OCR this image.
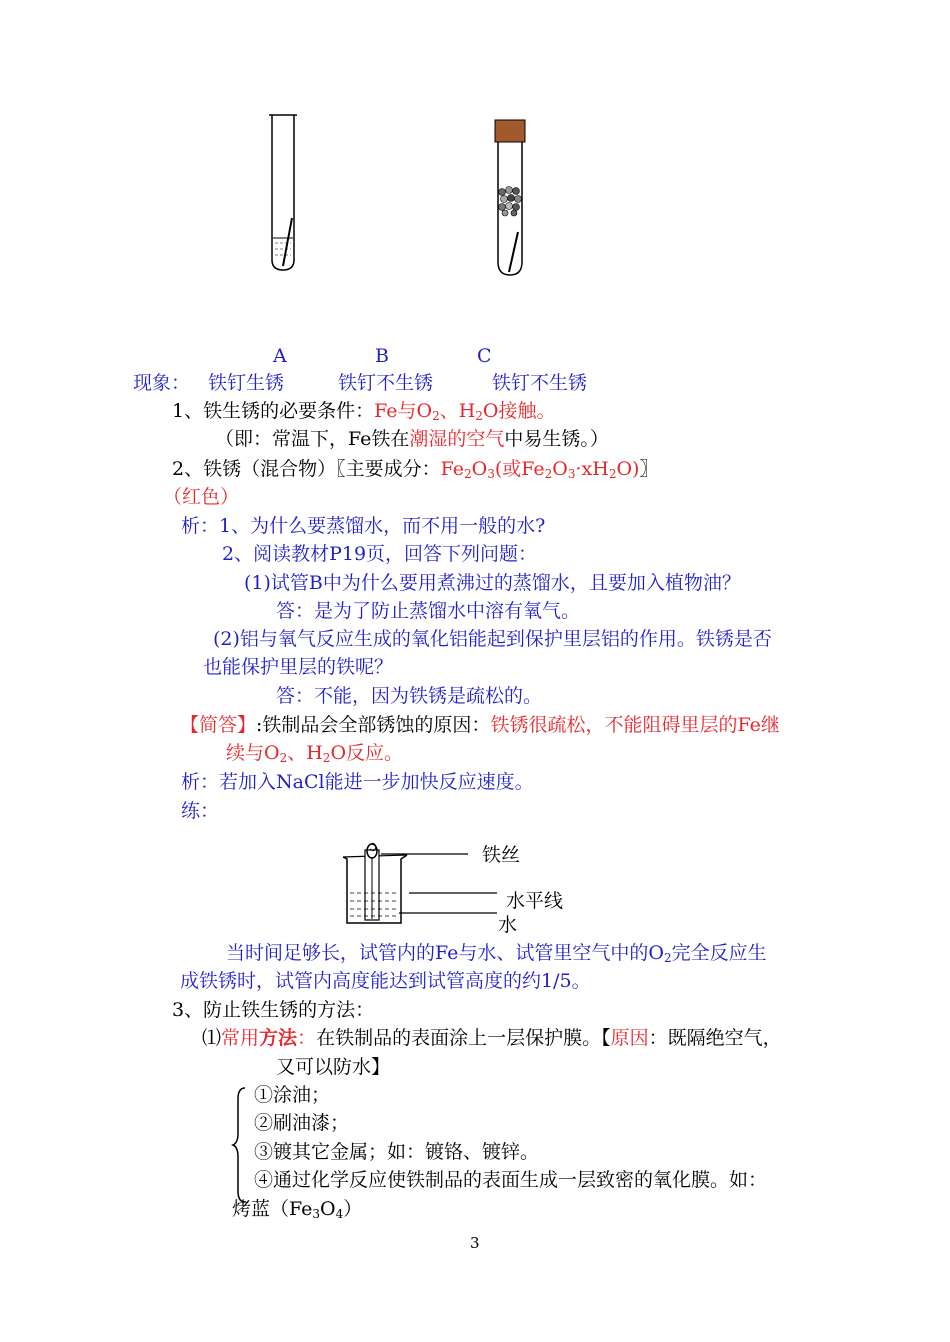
A	B	C
现象： 铁钉生锈	铁钉不生锈	铁钉不生锈
1、铁生锈的必要条件：Fe与$O_2$、$H_2O$接触。
（即：常温下，Fe铁在潮湿的空气中易生锈。）
2、铁锈（混合物）〖主要成分：$Fe_2O_3$(或$Fe_2O_3\cdot xH_2O$)〗
（红色）
析：1、为什么要蒸馏水，而不用一般的水?
2、阅读教材P19页，回答下列问题：
(1)试管B中为什么要用煮沸过的蒸馏水，且要加入植物油？
答：是为了防止蒸馏水中溶有氧气。
(2)铝与氧气反应生成的氧化铝能起到保护里层铝的作用。铁锈是否
也能保护里层的铁呢？
答：不能，因为铁锈是疏松的。
【简答】:铁制品会全部锈蚀的原因：铁锈很疏松，不能阻碍里层的Fe继
续与$O_2$、$H_2O$反应。
析：若加入NaCl能进一步加快反应速度。
练：
铁丝
水平线
水
当时间足够长，试管内的Fe与水、试管里空气中的$O_2$完全反应生
成铁锈时，试管内高度能达到试管高度的约1/5。
3、防止铁生锈的方法：
⑴常用方法：在铁制品的表面涂上一层保护膜。【原因：既隔绝空气，
又可以防水】
①涂油；
②刷油漆；
③镀其它金属；如：镀铬、镀锌。
④通过化学反应使铁制品的表面生成一层致密的氧化膜。如：
烤蓝$(Fe_3O_4)$
3
